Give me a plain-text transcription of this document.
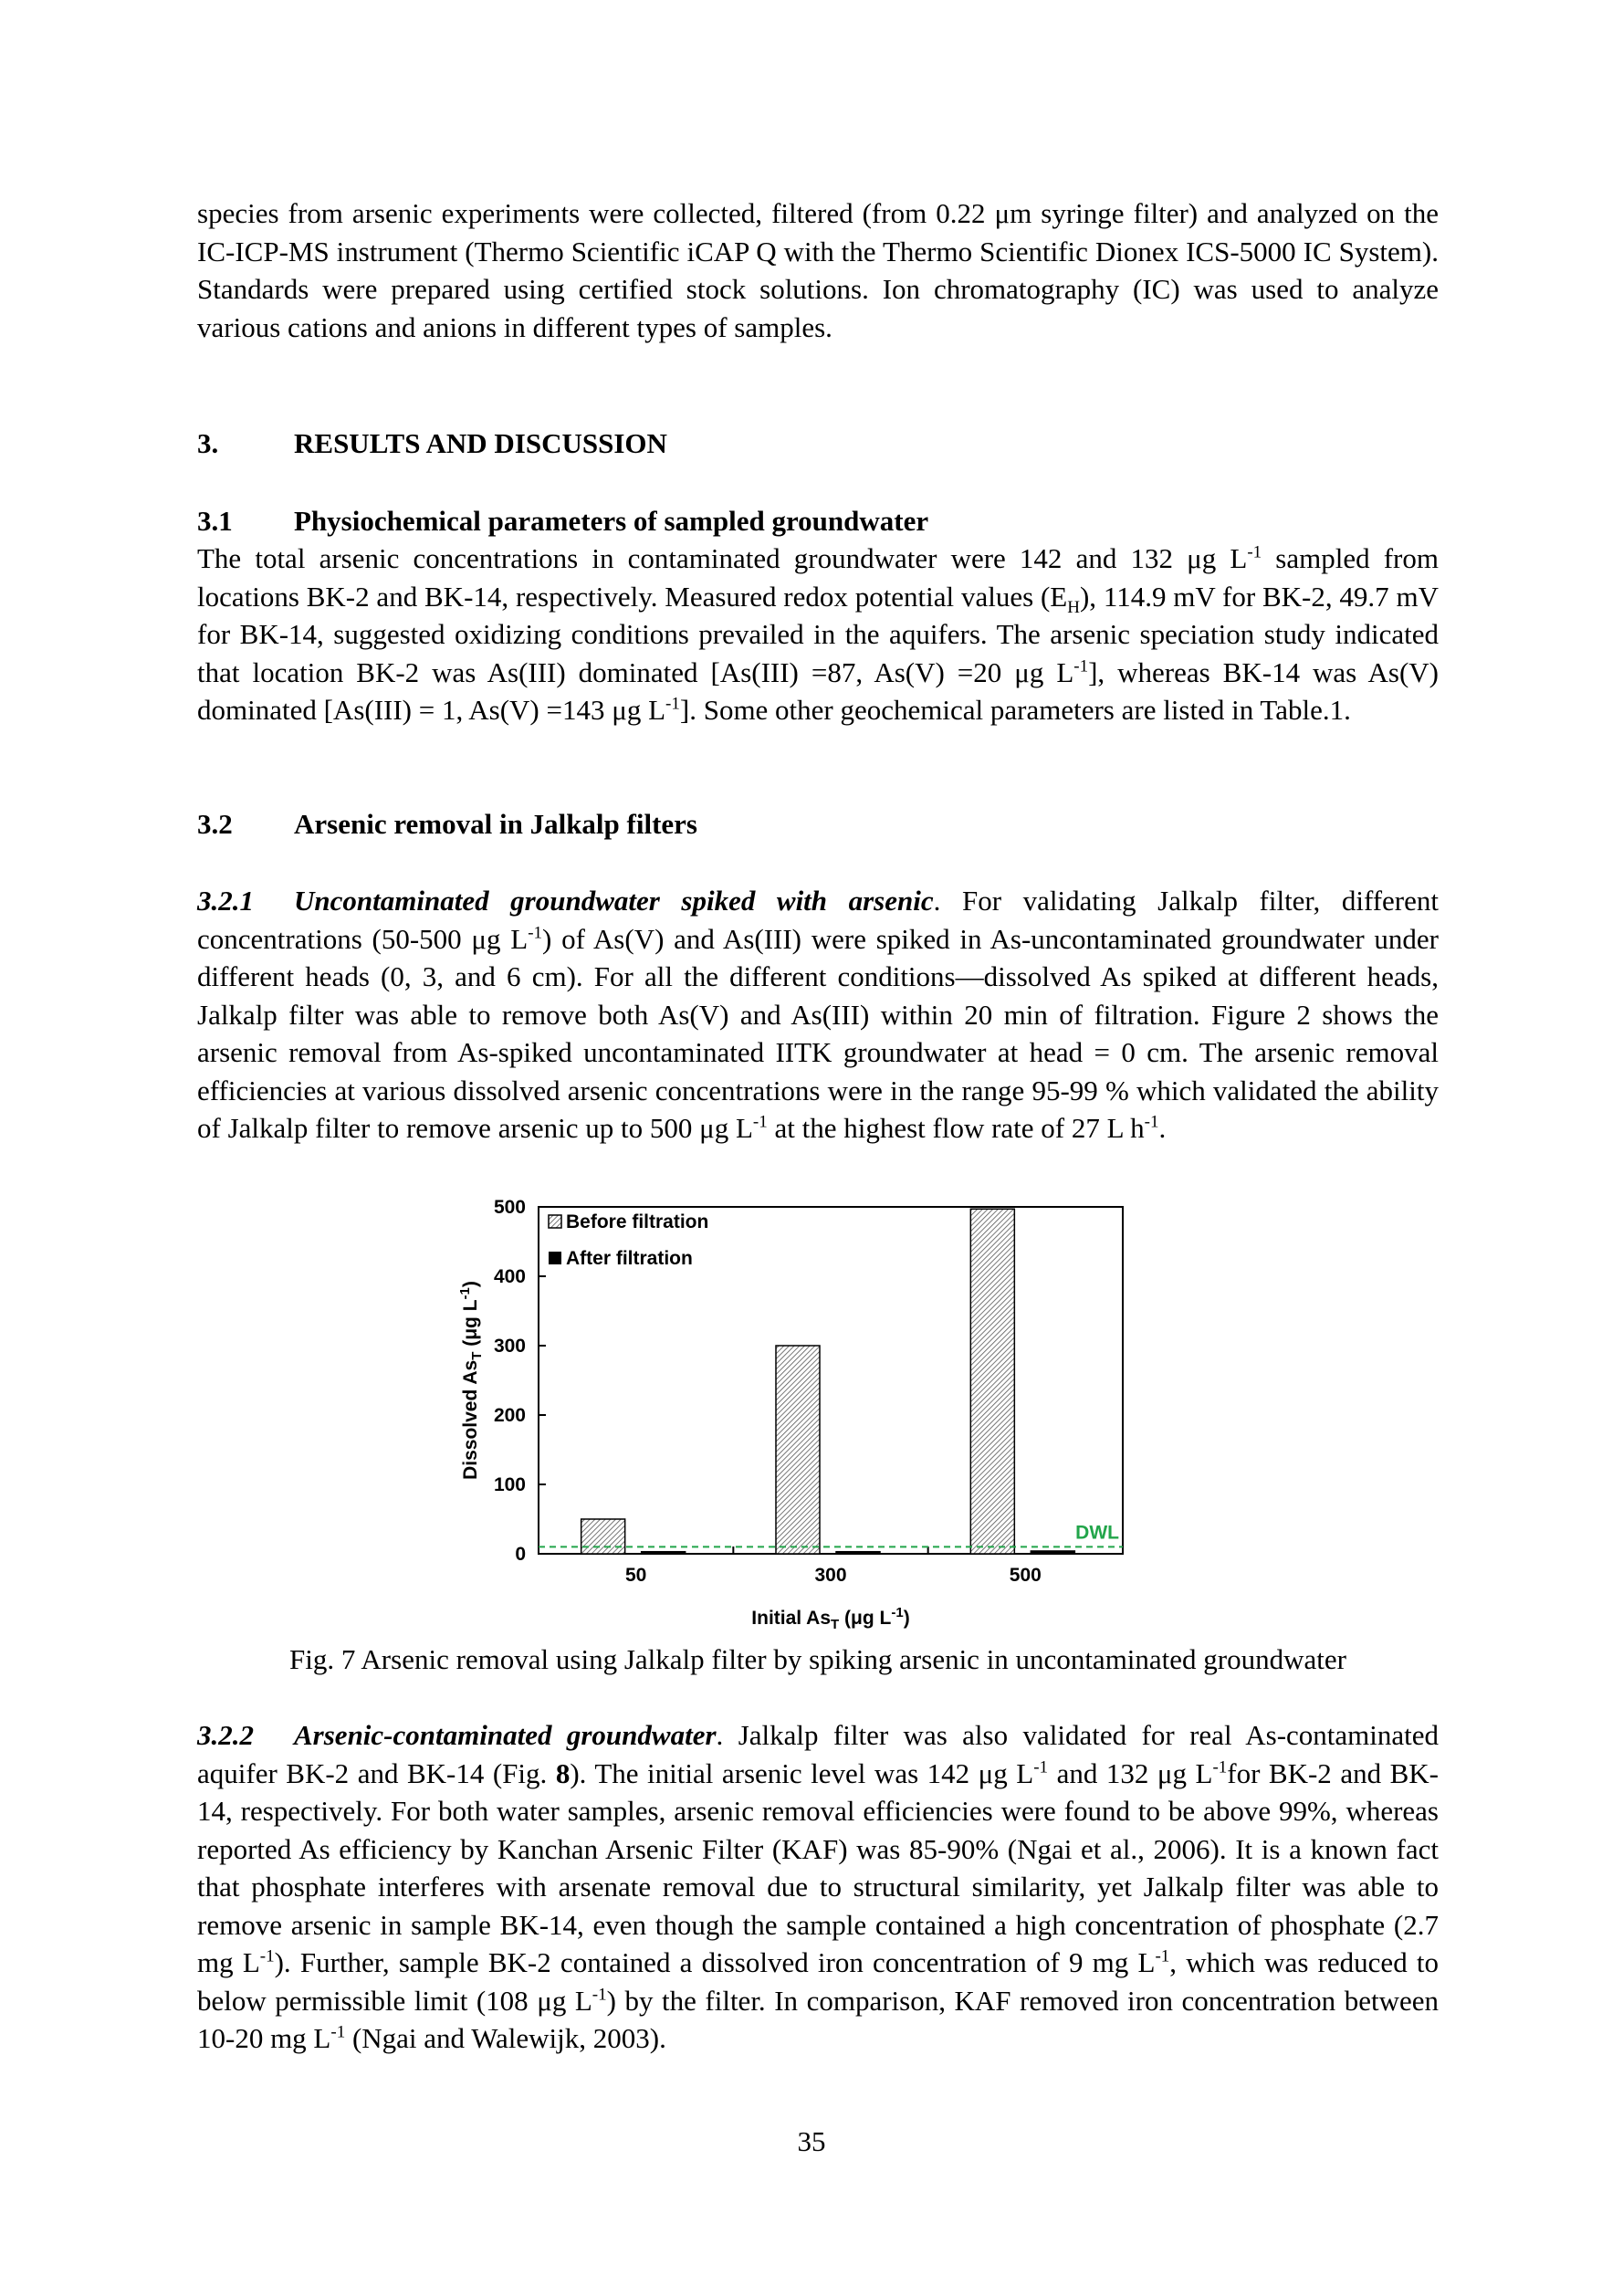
species from arsenic experiments were collected, filtered (from 0.22 μm syringe filter) and analyzed on the IC-ICP-MS instrument (Thermo Scientific iCAP Q with the Thermo Scientific Dionex ICS-5000 IC System). Standards were prepared using certified stock solutions. Ion chromatography (IC) was used to analyze various cations and anions in different types of samples.

3.	RESULTS AND DISCUSSION

3.1 Physiochemical parameters of sampled groundwater

The total arsenic concentrations in contaminated groundwater were 142 and 132 μg $L^{-1}$ sampled from locations BK-2 and BK-14, respectively. Measured redox potential values $(E_H)$, 114.9 mV for BK-2, 49.7 mV for BK-14, suggested oxidizing conditions prevailed in the aquifers. The arsenic speciation study indicated that location BK-2 was As(III) dominated [As(III) =87, As(V) =20 μg $L^{-1}$], whereas BK-14 was As(V) dominated [As(III) = 1, As(V) =143 μg $L^{-1}$]. Some other geochemical parameters are listed in Table.1.

3.2 Arsenic removal in Jalkalp filters

3.2.1 Uncontaminated groundwater spiked with arsenic. For validating Jalkalp filter, different concentrations (50-500 μg $L^{-1}$) of As(V) and As(III) were spiked in As-uncontaminated groundwater under different heads (0, 3, and 6 cm). For all the different conditions—dissolved As spiked at different heads, Jalkalp filter was able to remove both As(V) and As(III) within 20 min of filtration. Figure 2 shows the arsenic removal from As-spiked uncontaminated IITK groundwater at head = 0 cm. The arsenic removal efficiencies at various dissolved arsenic concentrations were in the range 95-99 % which validated the ability of Jalkalp filter to remove arsenic up to 500 μg $L^{-1}$ at the highest flow rate of 27 L $h^{-1}$.

0
100
200
300
400
500
50	300	500
DWL
Before filtration
After filtration
Dissolved $As_T$ (μg $L^{-1}$)
Initial $As_T$ (μg $L^{-1}$)

Fig. 7 Arsenic removal using Jalkalp filter by spiking arsenic in uncontaminated groundwater

3.2.2 Arsenic-contaminated groundwater. Jalkalp filter was also validated for real As-contaminated aquifer BK-2 and BK-14 (Fig. 8). The initial arsenic level was 142 μg $L^{-1}$ and 132 μg $L^{-1}for$ BK-2 and BK-14, respectively. For both water samples, arsenic removal efficiencies were found to be above 99%, whereas reported As efficiency by Kanchan Arsenic Filter (KAF) was 85-90% (Ngai et al., 2006). It is a known fact that phosphate interferes with arsenate removal due to structural similarity, yet Jalkalp filter was able to remove arsenic in sample BK-14, even though the sample contained a high concentration of phosphate (2.7 mg $L^{-1}$). Further, sample BK-2 contained a dissolved iron concentration of 9 mg $L^{-1}$, which was reduced to below permissible limit (108 μg $L^{-1}$) by the filter. In comparison, KAF removed iron concentration between 10-20 mg $L^{-1}$ (Ngai and Walewijk, 2003).

35
